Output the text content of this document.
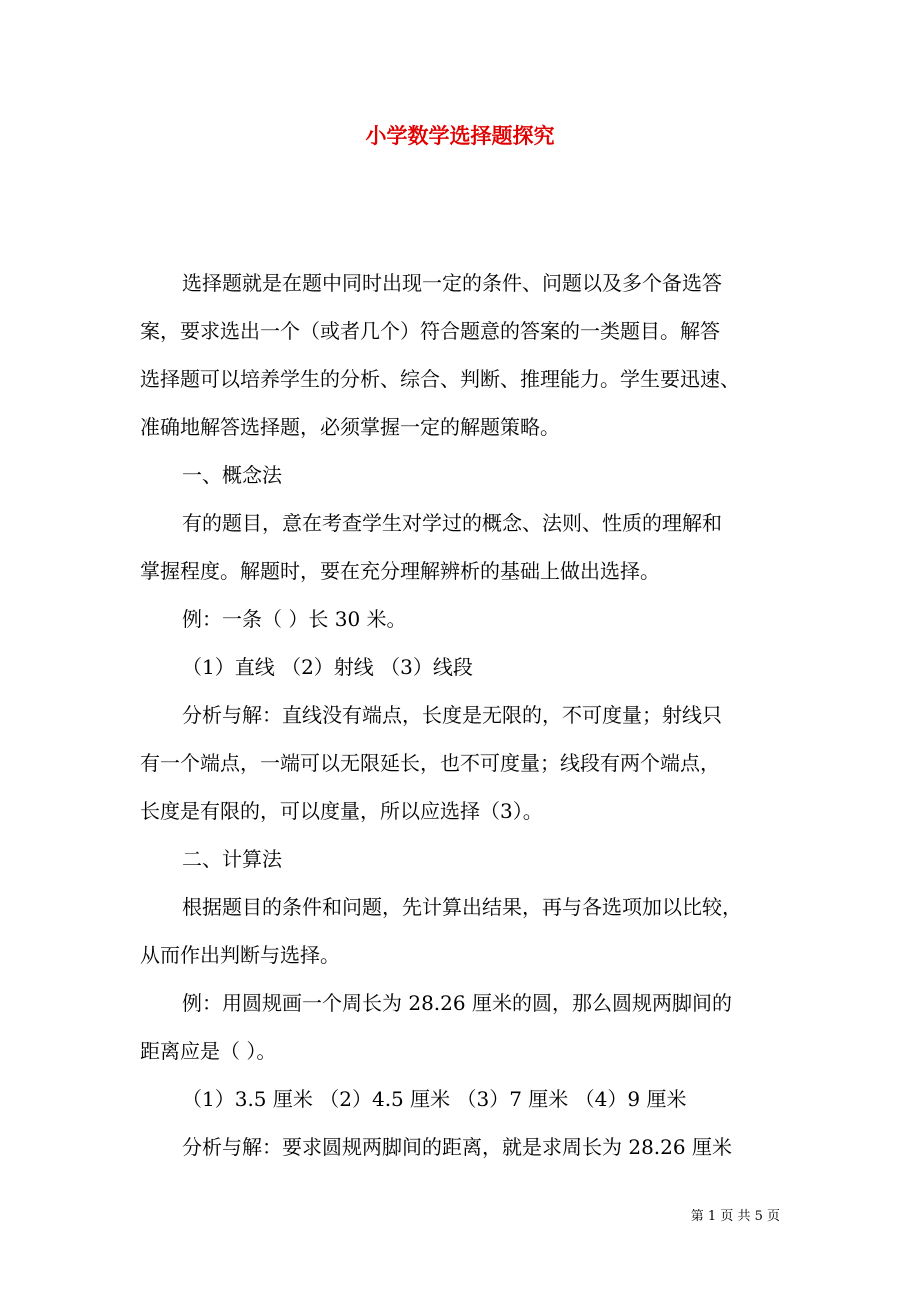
小学数学选择题探究
选择题就是在题中同时出现一定的条件、问题以及多个备选答
案，要求选出一个（或者几个）符合题意的答案的一类题目。解答
选择题可以培养学生的分析、综合、判断、推理能力。学生要迅速、
准确地解答选择题，必须掌握一定的解题策略。
一、概念法
有的题目，意在考查学生对学过的概念、法则、性质的理解和
掌握程度。解题时，要在充分理解辨析的基础上做出选择。
例：一条（ ）长 30 米。
（1）直线 （2）射线 （3）线段
分析与解：直线没有端点，长度是无限的，不可度量；射线只
有一个端点，一端可以无限延长，也不可度量；线段有两个端点，
长度是有限的，可以度量，所以应选择（3）。
二、计算法
根据题目的条件和问题，先计算出结果，再与各选项加以比较，
从而作出判断与选择。
例：用圆规画一个周长为 28.26 厘米的圆，那么圆规两脚间的
距离应是（ ）。
（1）3.5 厘米 （2）4.5 厘米 （3）7 厘米 （4）9 厘米
分析与解：要求圆规两脚间的距离，就是求周长为 28.26 厘米
第 1 页 共 5 页
